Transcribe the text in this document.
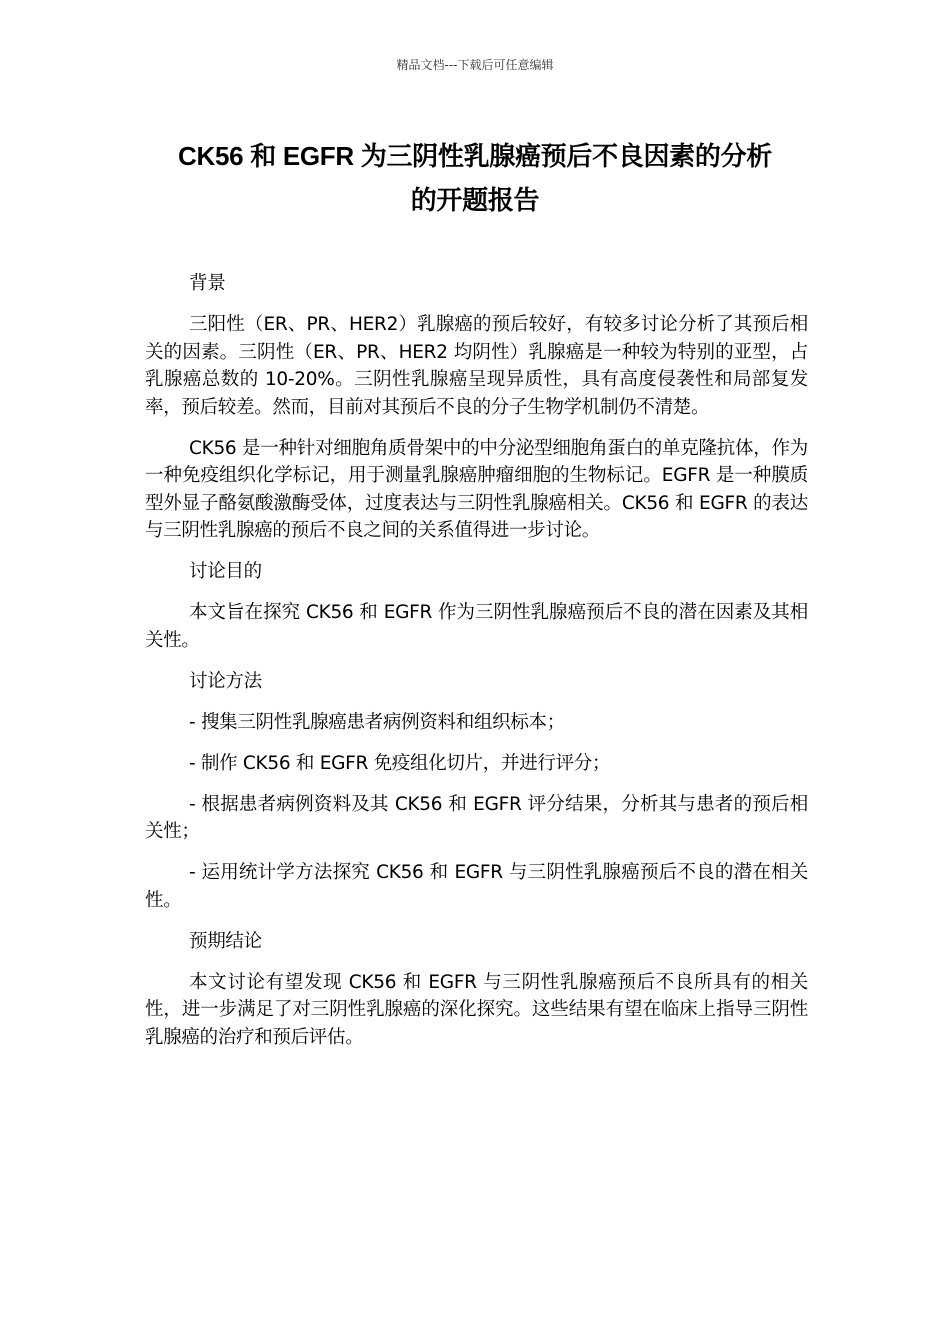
精品文档---下载后可任意编辑
CK56 和 EGFR 为三阴性乳腺癌预后不良因素的分析
的开题报告

背景

三阳性（ER、PR、HER2）乳腺癌的预后较好，有较多讨论分析了其预后相关的因素。三阴性（ER、PR、HER2 均阴性）乳腺癌是一种较为特别的亚型，占乳腺癌总数的 10-20%。三阴性乳腺癌呈现异质性，具有高度侵袭性和局部复发率，预后较差。然而，目前对其预后不良的分子生物学机制仍不清楚。

CK56 是一种针对细胞角质骨架中的中分泌型细胞角蛋白的单克隆抗体，作为一种免疫组织化学标记，用于测量乳腺癌肿瘤细胞的生物标记。EGFR 是一种膜质型外显子酪氨酸激酶受体，过度表达与三阴性乳腺癌相关。CK56 和 EGFR 的表达与三阴性乳腺癌的预后不良之间的关系值得进一步讨论。

讨论目的

本文旨在探究 CK56 和 EGFR 作为三阴性乳腺癌预后不良的潜在因素及其相关性。

讨论方法

- 搜集三阴性乳腺癌患者病例资料和组织标本；

- 制作 CK56 和 EGFR 免疫组化切片，并进行评分；

- 根据患者病例资料及其 CK56 和 EGFR 评分结果，分析其与患者的预后相关性；

- 运用统计学方法探究 CK56 和 EGFR 与三阴性乳腺癌预后不良的潜在相关性。

预期结论

本文讨论有望发现 CK56 和 EGFR 与三阴性乳腺癌预后不良所具有的相关性，进一步满足了对三阴性乳腺癌的深化探究。这些结果有望在临床上指导三阴性乳腺癌的治疗和预后评估。
